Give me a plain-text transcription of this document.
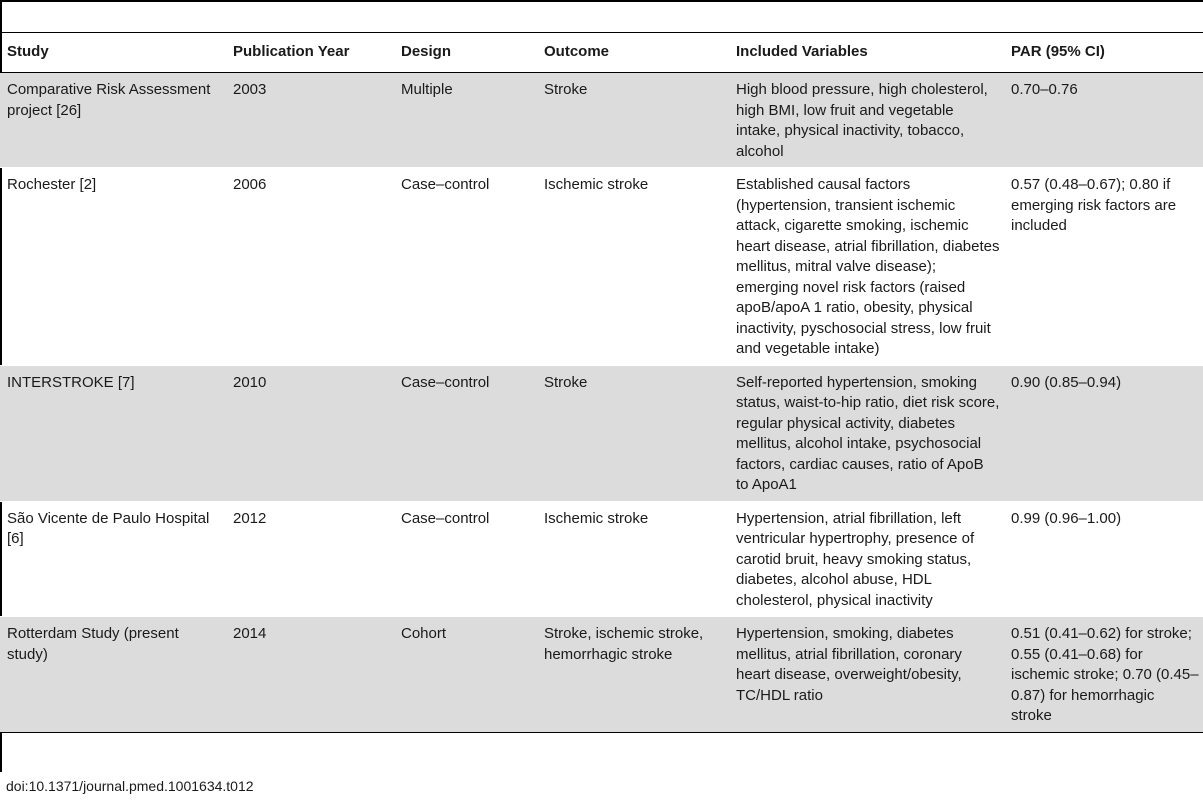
Study	Publication Year	Design	Outcome	Included Variables	PAR (95% CI)
Comparative Risk Assessment project [26]	2003	Multiple	Stroke	High blood pressure, high cholesterol, high BMI, low fruit and vegetable intake, physical inactivity, tobacco, alcohol	0.70–0.76
Rochester [2]	2006	Case–control	Ischemic stroke	Established causal factors (hypertension, transient ischemic attack, cigarette smoking, ischemic heart disease, atrial fibrillation, diabetes mellitus, mitral valve disease); emerging novel risk factors (raised apoB/apoA 1 ratio, obesity, physical inactivity, pyschosocial stress, low fruit and vegetable intake)	0.57 (0.48–0.67); 0.80 if emerging risk factors are included
INTERSTROKE [7]	2010	Case–control	Stroke	Self-reported hypertension, smoking status, waist-to-hip ratio, diet risk score, regular physical activity, diabetes mellitus, alcohol intake, psychosocial factors, cardiac causes, ratio of ApoB to ApoA1	0.90 (0.85–0.94)
São Vicente de Paulo Hospital [6]	2012	Case–control	Ischemic stroke	Hypertension, atrial fibrillation, left ventricular hypertrophy, presence of carotid bruit, heavy smoking status, diabetes, alcohol abuse, HDL cholesterol, physical inactivity	0.99 (0.96–1.00)
Rotterdam Study (present study)	2014	Cohort	Stroke, ischemic stroke, hemorrhagic stroke	Hypertension, smoking, diabetes mellitus, atrial fibrillation, coronary heart disease, overweight/obesity, TC/HDL ratio	0.51 (0.41–0.62) for stroke; 0.55 (0.41–0.68) for ischemic stroke; 0.70 (0.45–0.87) for hemorrhagic stroke
doi:10.1371/journal.pmed.1001634.t012
